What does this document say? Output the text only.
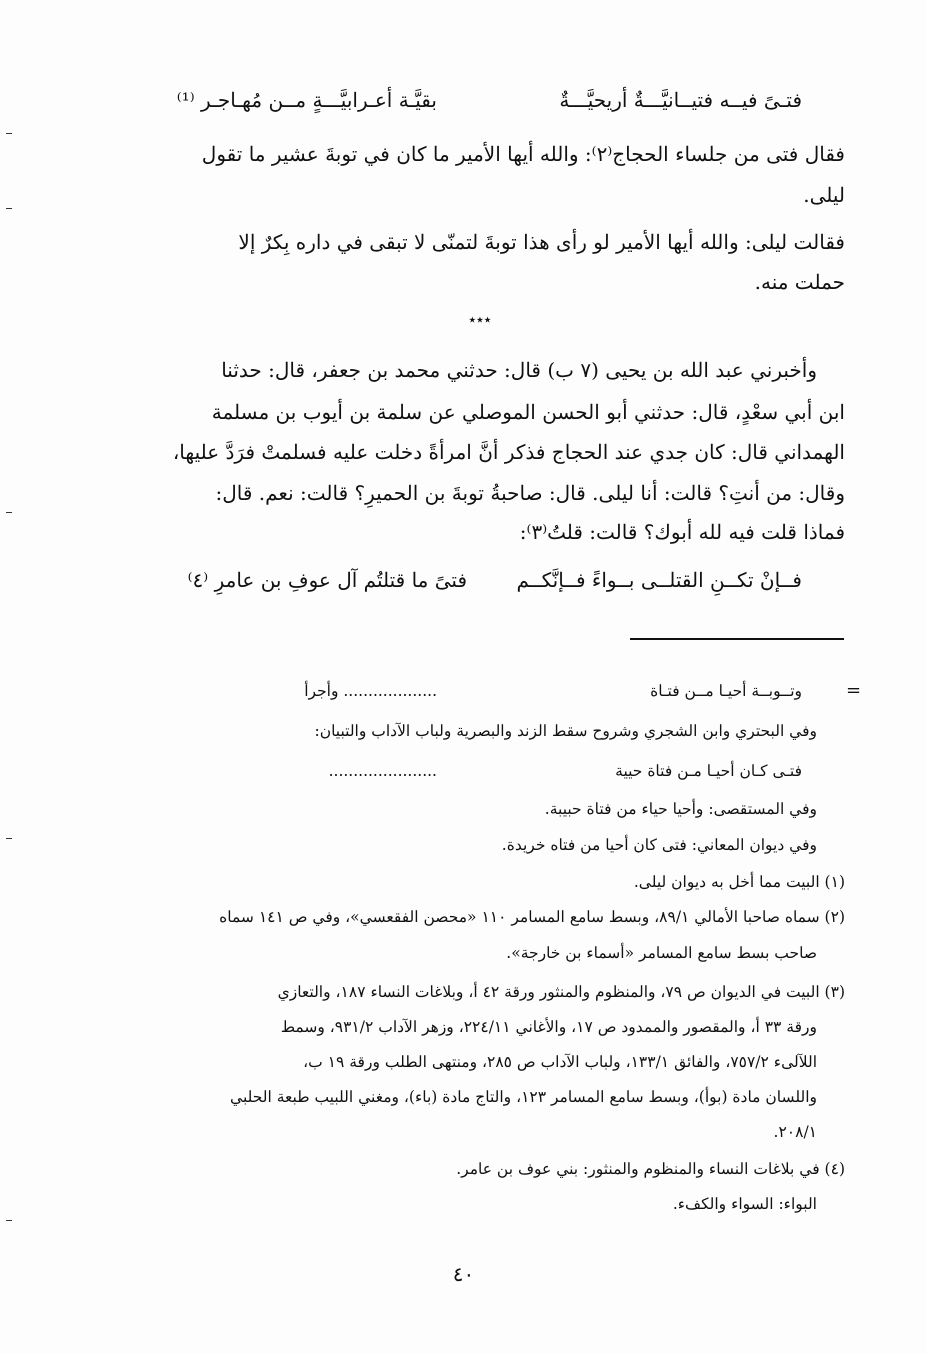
فتـىً فيــه فتيــانيَّـــةٌ أريحيَّـــةٌ
بقيَّـة أعـرابيَّـــةٍ مــن مُهـاجـر ⁽¹⁾
فقال فتى من جلساء الحجاج⁽٢⁾: والله أيها الأمير ما كان في توبةَ عشير ما تقول
ليلى.
فقالت ليلى: والله أيها الأمير لو رأى هذا توبةَ لتمنّى لا تبقى في داره بِكرٌ إلا
حملت منه.
٭٭٭
وأخبرني عبد الله بن يحيى (٧ ب) قال: حدثني محمد بن جعفر، قال: حدثنا
ابن أبي سعْدٍ، قال: حدثني أبو الحسن الموصلي عن سلمة بن أيوب بن مسلمة
الهمداني قال: كان جدي عند الحجاج فذكر أنَّ امرأةً دخلت عليه فسلمتْ فرَدَّ عليها،
وقال: من أنتِ؟ قالت: أنا ليلى. قال: صاحبةُ توبةَ بن الحميرِ؟ قالت: نعم. قال:
فماذا قلت فيه لله أبوك؟ قالت: قلتُ⁽٣⁾:
فــإنْ تكــنِ القتلــى بــواءً فــإنَّكــم
فتىً ما قتلتُم آل عوفِ بن عامرِ ⁽٤⁾
=
وتــوبــة أحيـا مــن فتـاة
................... وأجرأ
وفي البحتري وابن الشجري وشروح سقط الزند والبصرية ولباب الآداب والتبيان:
فتـى كـان أحيـا مـن فتاة حيية
......................
وفي المستقصى: وأحيا حياء من فتاة حبيبة.
وفي ديوان المعاني: فتى كان أحيا من فتاه خريدة.
(١) البيت مما أخل به ديوان ليلى.
(٢) سماه صاحبا الأمالي ٨٩/١، وبسط سامع المسامر ١١٠ «محصن الفقعسي»، وفي ص ١٤١ سماه
صاحب بسط سامع المسامر «أسماء بن خارجة».
(٣) البيت في الديوان ص ٧٩، والمنظوم والمنثور ورقة ٤٢ أ، وبلاغات النساء ١٨٧، والتعازي
ورقة ٣٣ أ، والمقصور والممدود ص ١٧، والأغاني ٢٢٤/١١، وزهر الآداب ٩٣١/٢، وسمط
اللآلىء ٧٥٧/٢، والفائق ١٣٣/١، ولباب الآداب ص ٢٨٥، ومنتهى الطلب ورقة ١٩ ب،
واللسان مادة (بوأ)، وبسط سامع المسامر ١٢٣، والتاج مادة (باء)، ومغني اللبيب طبعة الحلبي
٢٠٨/١.
(٤) في بلاغات النساء والمنظوم والمنثور: بني عوف بن عامر.
البواء: السواء والكفء.
٤٠
